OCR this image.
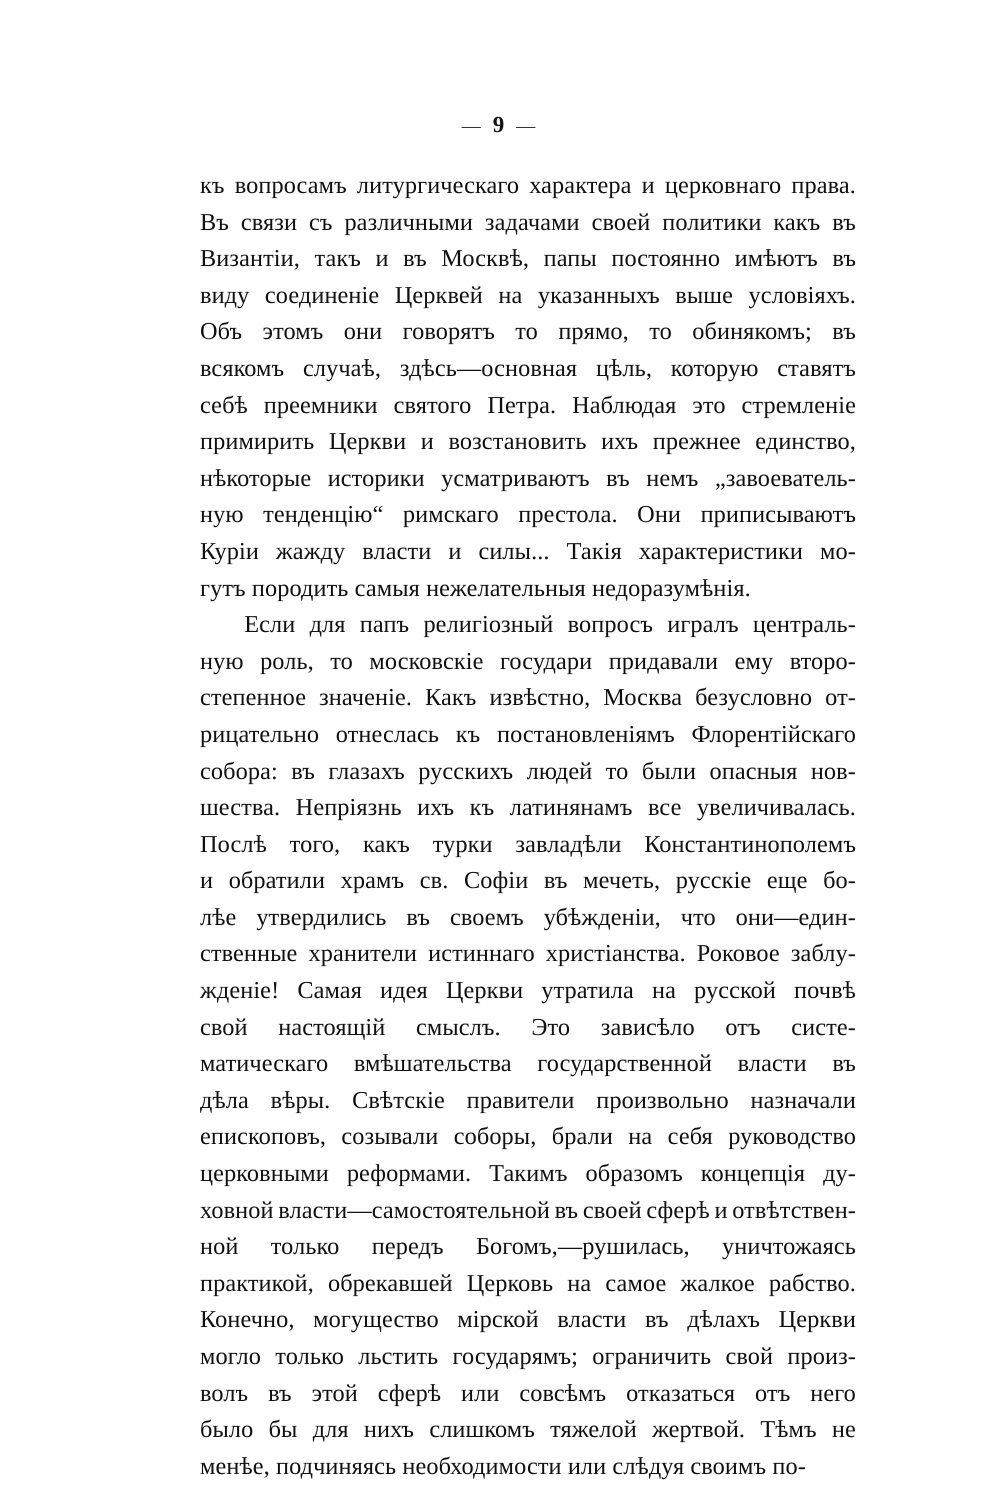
— 9 —
къ вопросамъ литургическаго характера и церковнаго права.
Въ связи съ различными задачами своей политики какъ въ
Византіи, такъ и въ Москвѣ, папы постоянно имѣютъ въ
виду соединеніе Церквей на указанныхъ выше условіяхъ.
Объ этомъ они говорятъ то прямо, то обинякомъ; въ
всякомъ случаѣ, здѣсь—основная цѣль, которую ставятъ
себѣ преемники святого Петра. Наблюдая это стремленіе
примирить Церкви и возстановить ихъ прежнее единство,
нѣкоторые историки усматриваютъ въ немъ „завоеватель-
ную тенденцію“ римскаго престола. Они приписываютъ
Куріи жажду власти и силы... Такія характеристики мо-
гутъ породить самыя нежелательныя недоразумѣнія.
Если для папъ религіозный вопросъ игралъ централь-
ную роль, то московскіе государи придавали ему второ-
степенное значеніе. Какъ извѣстно, Москва безусловно от-
рицательно отнеслась къ постановленіямъ Флорентійскаго
собора: въ глазахъ русскихъ людей то были опасныя нов-
шества. Непріязнь ихъ къ латинянамъ все увеличивалась.
Послѣ того, какъ турки завладѣли Константинополемъ
и обратили храмъ св. Софіи въ мечеть, русскіе еще бо-
лѣе утвердились въ своемъ убѣжденіи, что они—един-
ственные хранители истиннаго христіанства. Роковое заблу-
жденіе! Самая идея Церкви утратила на русской почвѣ
свой настоящій смыслъ. Это зависѣло отъ систе-
матическаго вмѣшательства государственной власти въ
дѣла вѣры. Свѣтскіе правители произвольно назначали
епископовъ, созывали соборы, брали на себя руководство
церковными реформами. Такимъ образомъ концепція ду-
ховной власти—самостоятельной въ своей сферѣ и отвѣтствен-
ной только передъ Богомъ,—рушилась, уничтожаясь
практикой, обрекавшей Церковь на самое жалкое рабство.
Конечно, могущество мірской власти въ дѣлахъ Церкви
могло только льстить государямъ; ограничить свой произ-
волъ въ этой сферѣ или совсѣмъ отказаться отъ него
было бы для нихъ слишкомъ тяжелой жертвой. Тѣмъ не
менѣе, подчиняясь необходимости или слѣдуя своимъ по-
